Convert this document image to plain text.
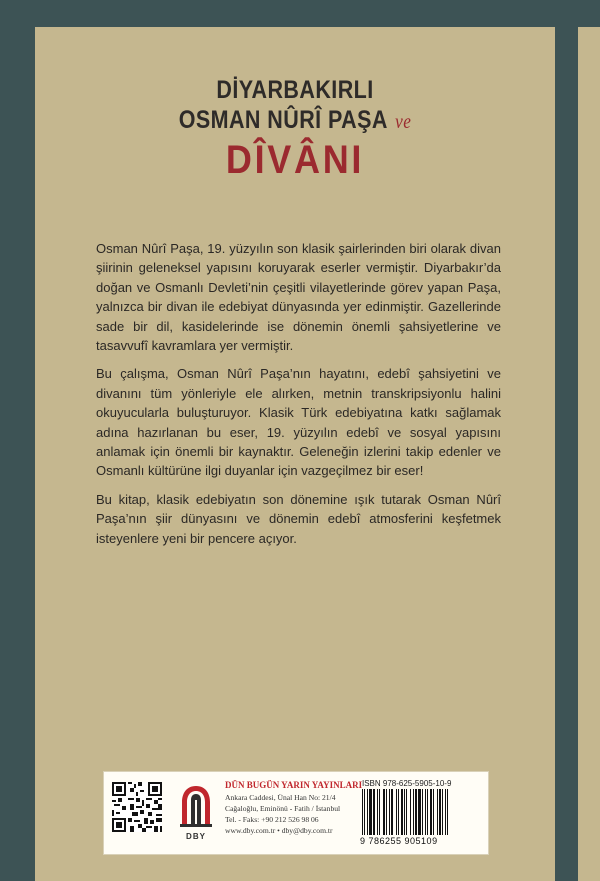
DİYARBAKIRLI
OSMAN NÛRÎ PAŞA ve
DÎVÂNI

Osman Nûrî Paşa, 19. yüzyılın son klasik şairlerinden biri olarak divan şiirinin geleneksel yapısını koruyarak eserler vermiştir. Diyarbakır’da doğan ve Osmanlı Devleti’nin çeşitli vilayetlerinde görev yapan Paşa, yalnızca bir divan ile edebiyat dünyasında yer edinmiştir. Gazellerinde sade bir dil, kasidelerinde ise dönemin önemli şahsiyetlerine ve tasavvufî kavramlara yer vermiştir.

Bu çalışma, Osman Nûrî Paşa’nın hayatını, edebî şahsiyetini ve divanını tüm yönleriyle ele alırken, metnin transkripsiyonlu halini okuyucularla buluşturuyor. Klasik Türk edebiyatına katkı sağlamak adına hazırlanan bu eser, 19. yüzyılın edebî ve sosyal yapısını anlamak için önemli bir kaynaktır. Geleneğin izlerini takip edenler ve Osmanlı kültürüne ilgi duyanlar için vazgeçilmez bir eser!

Bu kitap, klasik edebiyatın son dönemine ışık tutarak Osman Nûrî Paşa’nın şiir dünyasını ve dönemin edebî atmosferini keşfetmek isteyenlere yeni bir pencere açıyor.

DBY
DÜN BUGÜN YARIN YAYINLARI
Ankara Caddesi, Ünal Han No: 21/4
Cağaloğlu, Eminönü - Fatih / İstanbul
Tel. - Faks: +90 212 526 98 06
www.dby.com.tr • dby@dby.com.tr
ISBN 978-625-5905-10-9
9 786255 905109
